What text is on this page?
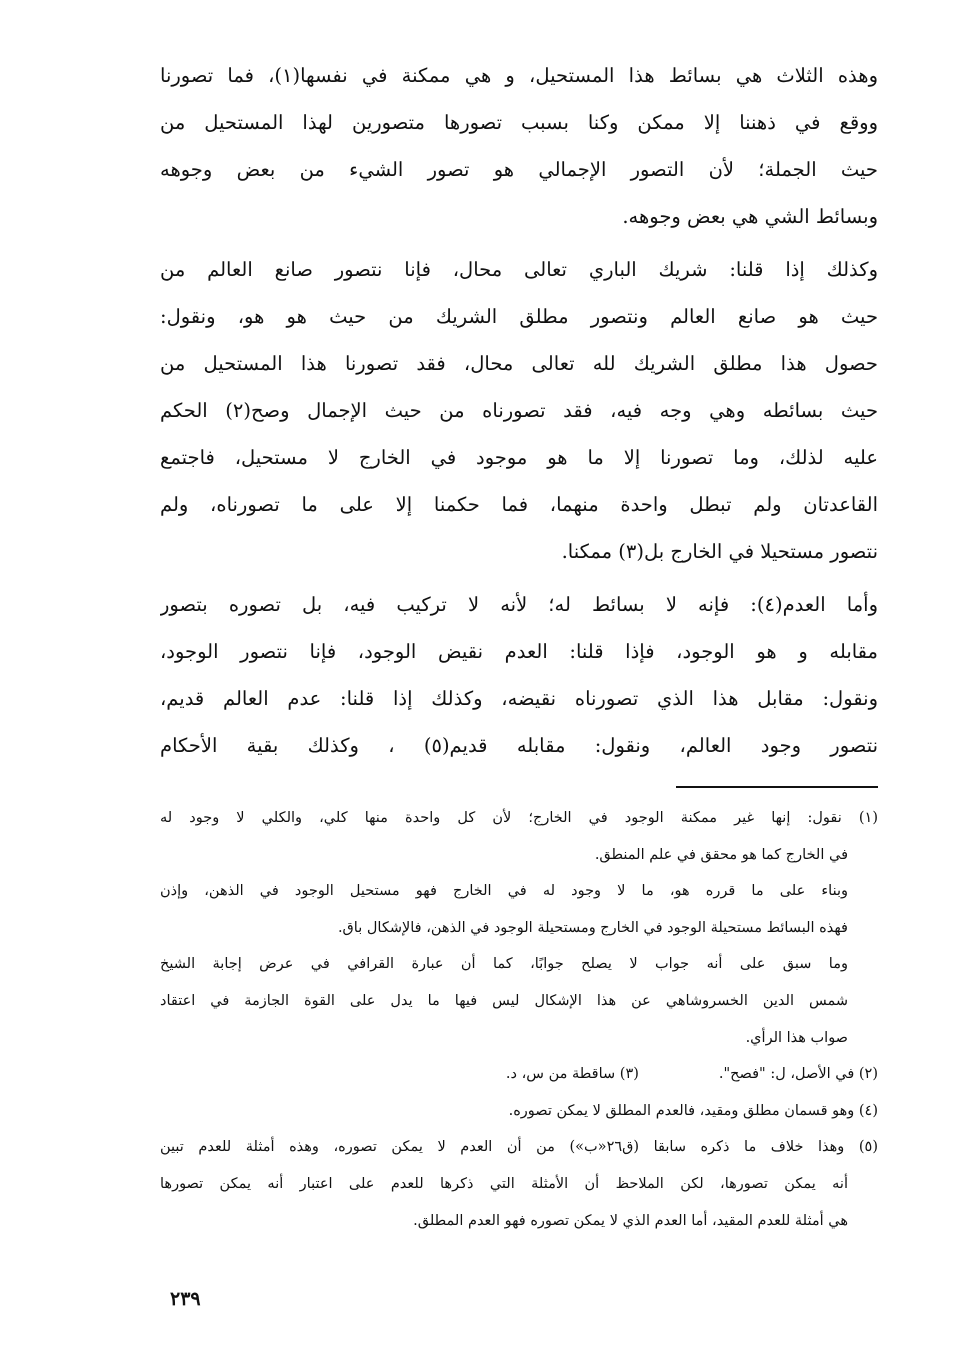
وهذه الثلاث هي بسائط هذا المستحيل، و هي ممكنة في نفسها(١)، فما تصورنا
ووقع في ذهننا إلا ممكن وكنا بسبب تصورها متصورين لهذا المستحيل من
حيث الجملة؛ لأن التصور الإجمالي هو تصور الشيء من بعض وجوهه
وبسائط الشي هي بعض وجوهه.
وكذلك إذا قلنا: شريك الباري تعالى محال، فإنا نتصور صانع العالم من
حيث هو صانع العالم ونتصور مطلق الشريك من حيث هو هو، ونقول:
حصول هذا مطلق الشريك لله تعالى محال، فقد تصورنا هذا المستحيل من
حيث بسائطه وهي وجه فيه، فقد تصورناه من حيث الإجمال وصح(٢) الحكم
عليه لذلك، وما تصورنا إلا ما هو موجود في الخارج لا مستحيل، فاجتمع
القاعدتان ولم تبطل واحدة منهما، فما حكمنا إلا على ما تصورناه، ولم
نتصور مستحيلا في الخارج بل(٣) ممكنا.
وأما العدم(٤): فإنه لا بسائط له؛ لأنه لا تركيب فيه، بل تصوره بتصور
مقابله و هو الوجود، فإذا قلنا: العدم نقيض الوجود، فإنا نتصور الوجود،
ونقول: مقابل هذا الذي تصورناه نقيضه، وكذلك إذا قلنا: عدم العالم قديم،
نتصور وجود العالم، ونقول: مقابله قديم(٥) ، وكذلك بقية الأحكام
(١) نقول: إنها غير ممكنة الوجود في الخارج؛ لأن كل واحدة منها كلي، والكلي لا وجود له
في الخارج كما هو محقق في علم المنطق.
وبناء على ما قرره هو، ما لا وجود له في الخارج فهو مستحيل الوجود في الذهن، وإذن
فهذه البسائط مستحيلة الوجود في الخارج ومستحيلة الوجود في الذهن، فالإشكال باق.
وما سبق على أنه جواب لا يصلح جوابًا، كما أن عبارة القرافي في عرض إجابة الشيخ
شمس الدين الخسروشاهي عن هذا الإشكال ليس فيها ما يدل على القوة الجازمة في اعتقاد
صواب هذا الرأي.
(٢) في الأصل، ل: "فصح".
(٣) ساقطة من س، د.
(٤) وهو قسمان مطلق ومقيد، فالعدم المطلق لا يمكن تصوره.
(٥) وهذا خلاف ما ذكره سابقا (ق٢٦«ب») من أن العدم لا يمكن تصوره، وهذه أمثلة للعدم تبين
أنه يمكن تصورها، لكن الملاحظ أن الأمثلة التي ذكرها للعدم على اعتبار أنه يمكن تصورها
هي أمثلة للعدم المقيد، أما العدم الذي لا يمكن تصوره فهو العدم المطلق.
٢٣٩
